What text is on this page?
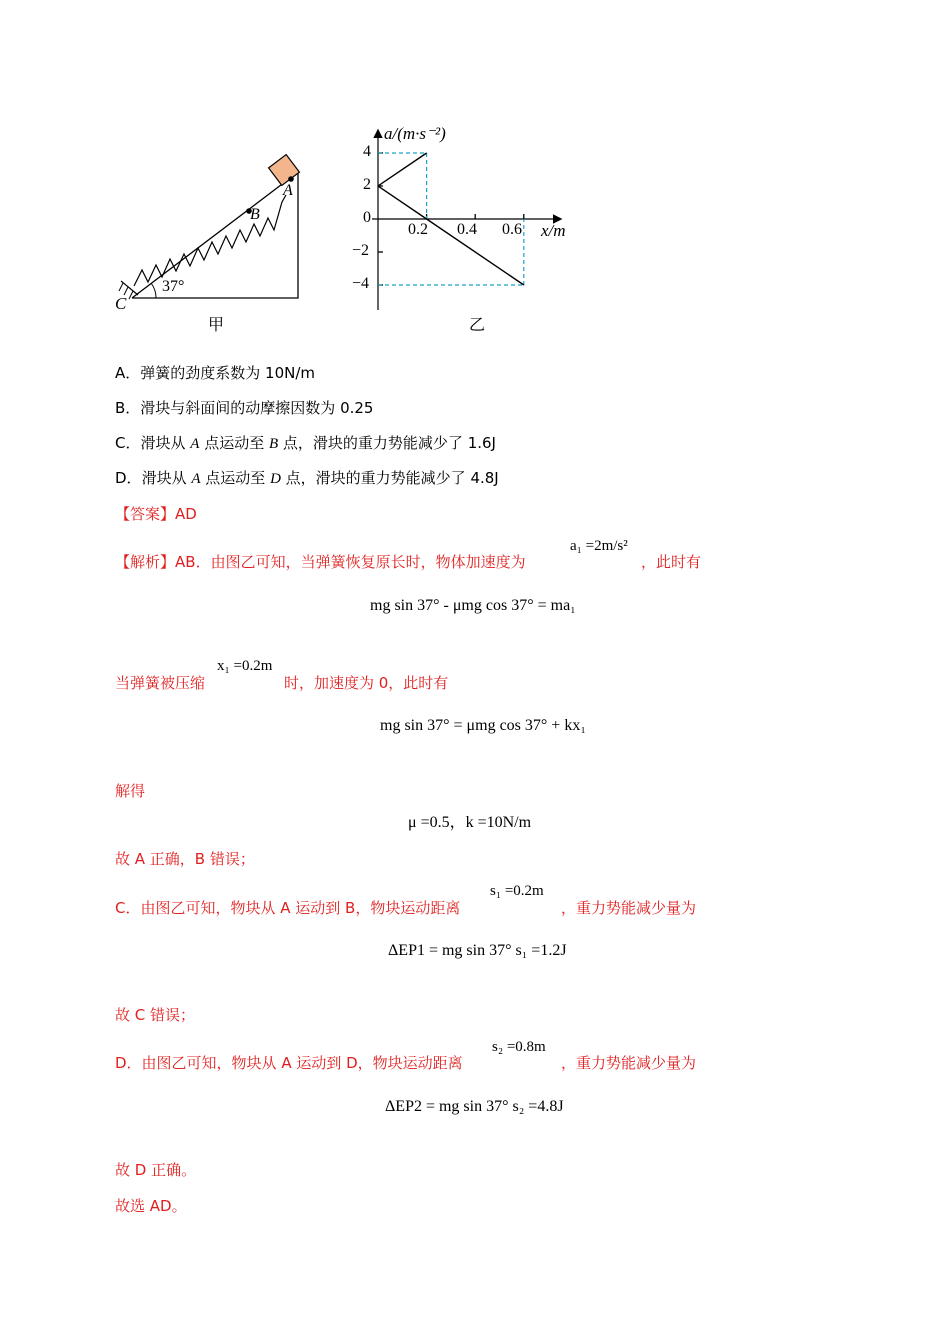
A
B
C
37°
甲
a/(m·s⁻²)
x/m
4
2
0
−2
−4
0.2 0.4 0.6
乙
A．弹簧的劲度系数为 10N/m
B．滑块与斜面间的动摩擦因数为 0.25
C．滑块从 A 点运动至 B 点，滑块的重力势能减少了 1.6J
D．滑块从 A 点运动至 D 点，滑块的重力势能减少了 4.8J
【答案】AD
【解析】AB．由图乙可知，当弹簧恢复原长时，物体加速度为
a₁ =2m/s²
，此时有
mg sin 37° - μmg cos 37° = ma₁
当弹簧被压缩
x₁ =0.2m
时，加速度为 0，此时有
mg sin 37° = μmg cos 37° + kx₁
解得
μ =0.5，k =10N/m
故 A 正确，B 错误；
C．由图乙可知，物块从 A 运动到 B，物块运动距离
s₁ =0.2m
，重力势能减少量为
ΔEP1 = mg sin 37° s₁ =1.2J
故 C 错误；
D．由图乙可知，物块从 A 运动到 D，物块运动距离
s₂ =0.8m
，重力势能减少量为
ΔEP2 = mg sin 37° s₂ =4.8J
故 D 正确。
故选 AD。
